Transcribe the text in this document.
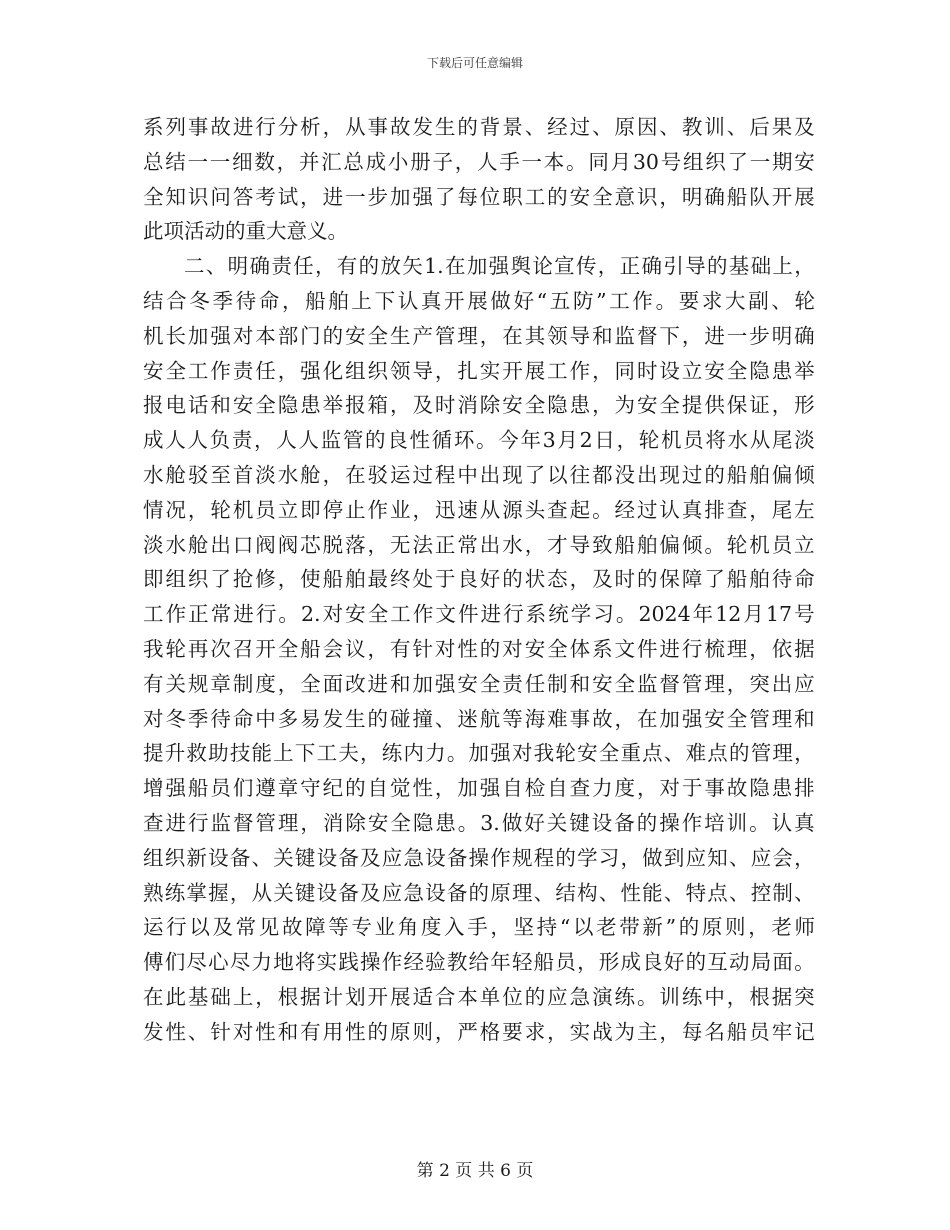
下载后可任意编辑
系 列 事 故 进 行 分 析 ， 从 事 故 发 生 的 背 景 、 经 过 、 原 因 、 教 训 、 后 果 及
总 结 一 一 细 数 ， 并 汇 总 成 小 册 子 ， 人 手 一 本 。 同 月 30 号 组 织 了 一 期 安
全 知 识 问 答 考 试 ， 进 一 步 加 强 了 每 位 职 工 的 安 全 意 识 ， 明 确 船 队 开 展
此项活动的重大意义。
二 、 明 确 责 任 ， 有 的 放 矢 1. 在 加 强 舆 论 宣 传 ， 正 确 引 导 的 基 础 上 ，
结 合 冬 季 待 命 ， 船 舶 上 下 认 真 开 展 做 好 “ 五 防 ” 工 作 。 要 求 大 副 、 轮
机 长 加 强 对 本 部 门 的 安 全 生 产 管 理 ， 在 其 领 导 和 监 督 下 ， 进 一 步 明 确
安 全 工 作 责 任 ， 强 化 组 织 领 导 ， 扎 实 开 展 工 作 ， 同 时 设 立 安 全 隐 患 举
报 电 话 和 安 全 隐 患 举 报 箱 ， 及 时 消 除 安 全 隐 患 ， 为 安 全 提 供 保 证 ， 形
成 人 人 负 责 ， 人 人 监 管 的 良 性 循 环 。 今 年 3 月 2 日 ， 轮 机 员 将 水 从 尾 淡
水 舱 驳 至 首 淡 水 舱 ， 在 驳 运 过 程 中 出 现 了 以 往 都 没 出 现 过 的 船 舶 偏 倾
情 况 ， 轮 机 员 立 即 停 止 作 业 ， 迅 速 从 源 头 查 起 。 经 过 认 真 排 查 ， 尾 左
淡 水 舱 出 口 阀 阀 芯 脱 落 ， 无 法 正 常 出 水 ， 才 导 致 船 舶 偏 倾 。 轮 机 员 立
即 组 织 了 抢 修 ， 使 船 舶 最 终 处 于 良 好 的 状 态 ， 及 时 的 保 障 了 船 舶 待 命
工 作 正 常 进 行 。 2. 对 安 全 工 作 文 件 进 行 系 统 学 习 。 2024 年 12 月 17 号
我 轮 再 次 召 开 全 船 会 议 ， 有 针 对 性 的 对 安 全 体 系 文 件 进 行 梳 理 ， 依 据
有 关 规 章 制 度 ， 全 面 改 进 和 加 强 安 全 责 任 制 和 安 全 监 督 管 理 ， 突 出 应
对 冬 季 待 命 中 多 易 发 生 的 碰 撞 、 迷 航 等 海 难 事 故 ， 在 加 强 安 全 管 理 和
提 升 救 助 技 能 上 下 工 夫 ， 练 内 力 。 加 强 对 我 轮 安 全 重 点 、 难 点 的 管 理 ，
增 强 船 员 们 遵 章 守 纪 的 自 觉 性 ， 加 强 自 检 自 查 力 度 ， 对 于 事 故 隐 患 排
查 进 行 监 督 管 理 ， 消 除 安 全 隐 患 。 3. 做 好 关 键 设 备 的 操 作 培 训 。 认 真
组 织 新 设 备 、 关 键 设 备 及 应 急 设 备 操 作 规 程 的 学 习 ， 做 到 应 知 、 应 会 ，
熟 练 掌 握 ， 从 关 键 设 备 及 应 急 设 备 的 原 理 、 结 构 、 性 能 、 特 点 、 控 制 、
运 行 以 及 常 见 故 障 等 专 业 角 度 入 手 ， 坚 持 “ 以 老 带 新 ” 的 原 则 ， 老 师
傅 们 尽 心 尽 力 地 将 实 践 操 作 经 验 教 给 年 轻 船 员 ， 形 成 良 好 的 互 动 局 面 。
在 此 基 础 上 ， 根 据 计 划 开 展 适 合 本 单 位 的 应 急 演 练 。 训 练 中 ， 根 据 突
发 性 、 针 对 性 和 有 用 性 的 原 则 ， 严 格 要 求 ， 实 战 为 主 ， 每 名 船 员 牢 记
第 2 页 共 6 页
